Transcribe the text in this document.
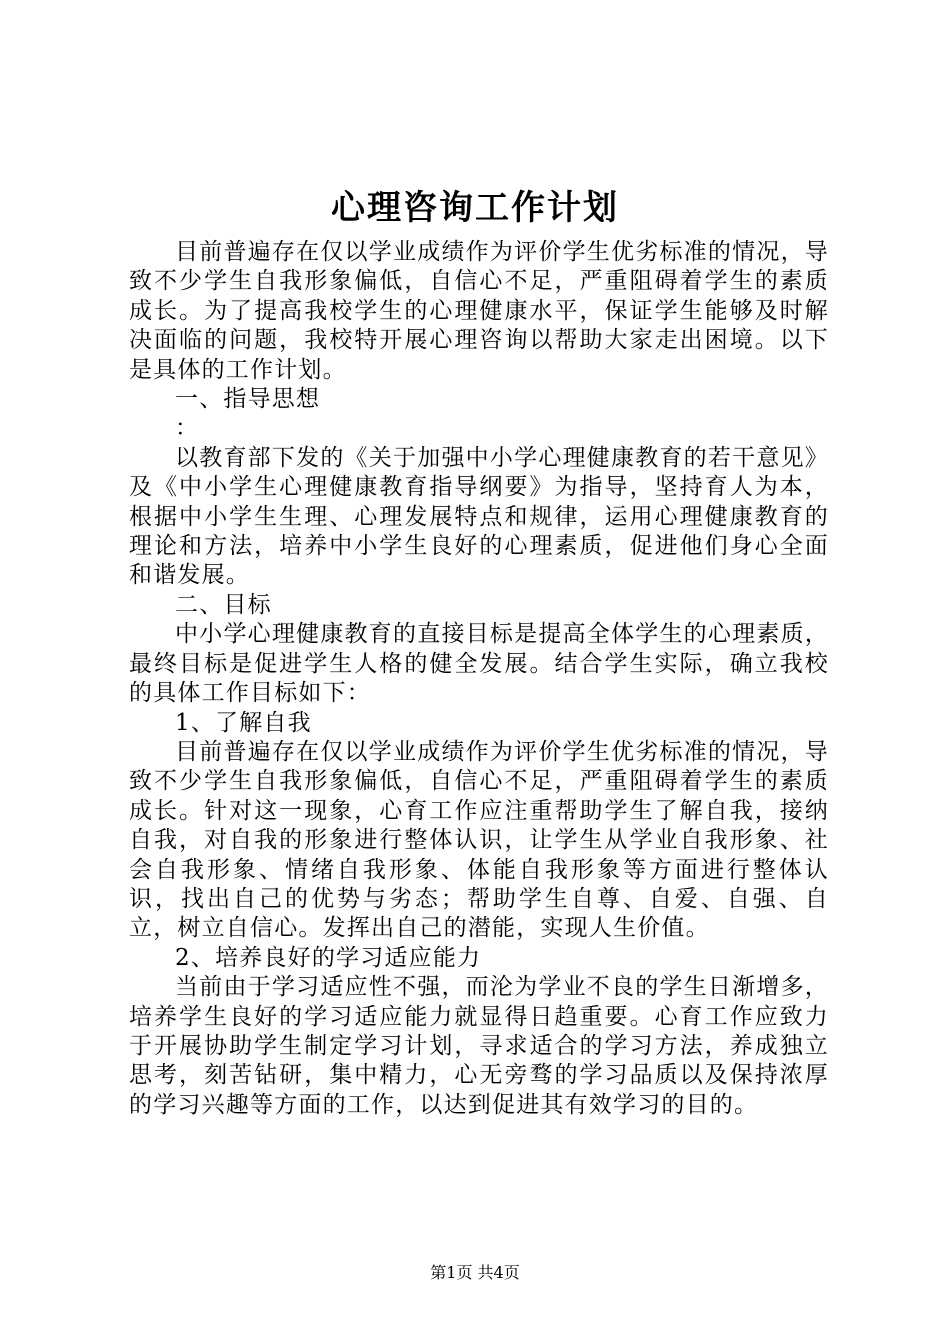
心理咨询工作计划

目前普遍存在仅以学业成绩作为评价学生优劣标准的情况，导致不少学生自我形象偏低，自信心不足，严重阻碍着学生的素质成长。为了提高我校学生的心理健康水平，保证学生能够及时解决面临的问题，我校特开展心理咨询以帮助大家走出困境。以下是具体的工作计划。

一、指导思想

：

以教育部下发的《关于加强中小学心理健康教育的若干意见》及《中小学生心理健康教育指导纲要》为指导，坚持育人为本，根据中小学生生理、心理发展特点和规律，运用心理健康教育的理论和方法，培养中小学生良好的心理素质，促进他们身心全面和谐发展。

二、目标

中小学心理健康教育的直接目标是提高全体学生的心理素质，最终目标是促进学生人格的健全发展。结合学生实际，确立我校的具体工作目标如下：

1、了解自我

目前普遍存在仅以学业成绩作为评价学生优劣标准的情况，导致不少学生自我形象偏低，自信心不足，严重阻碍着学生的素质成长。针对这一现象，心育工作应注重帮助学生了解自我，接纳自我，对自我的形象进行整体认识，让学生从学业自我形象、社会自我形象、情绪自我形象、体能自我形象等方面进行整体认识，找出自己的优势与劣态；帮助学生自尊、自爱、自强、自立，树立自信心。发挥出自己的潜能，实现人生价值。

2、培养良好的学习适应能力

当前由于学习适应性不强，而沦为学业不良的学生日渐增多，培养学生良好的学习适应能力就显得日趋重要。心育工作应致力于开展协助学生制定学习计划，寻求适合的学习方法，养成独立思考，刻苦钻研，集中精力，心无旁骛的学习品质以及保持浓厚的学习兴趣等方面的工作，以达到促进其有效学习的目的。

第1页 共4页
